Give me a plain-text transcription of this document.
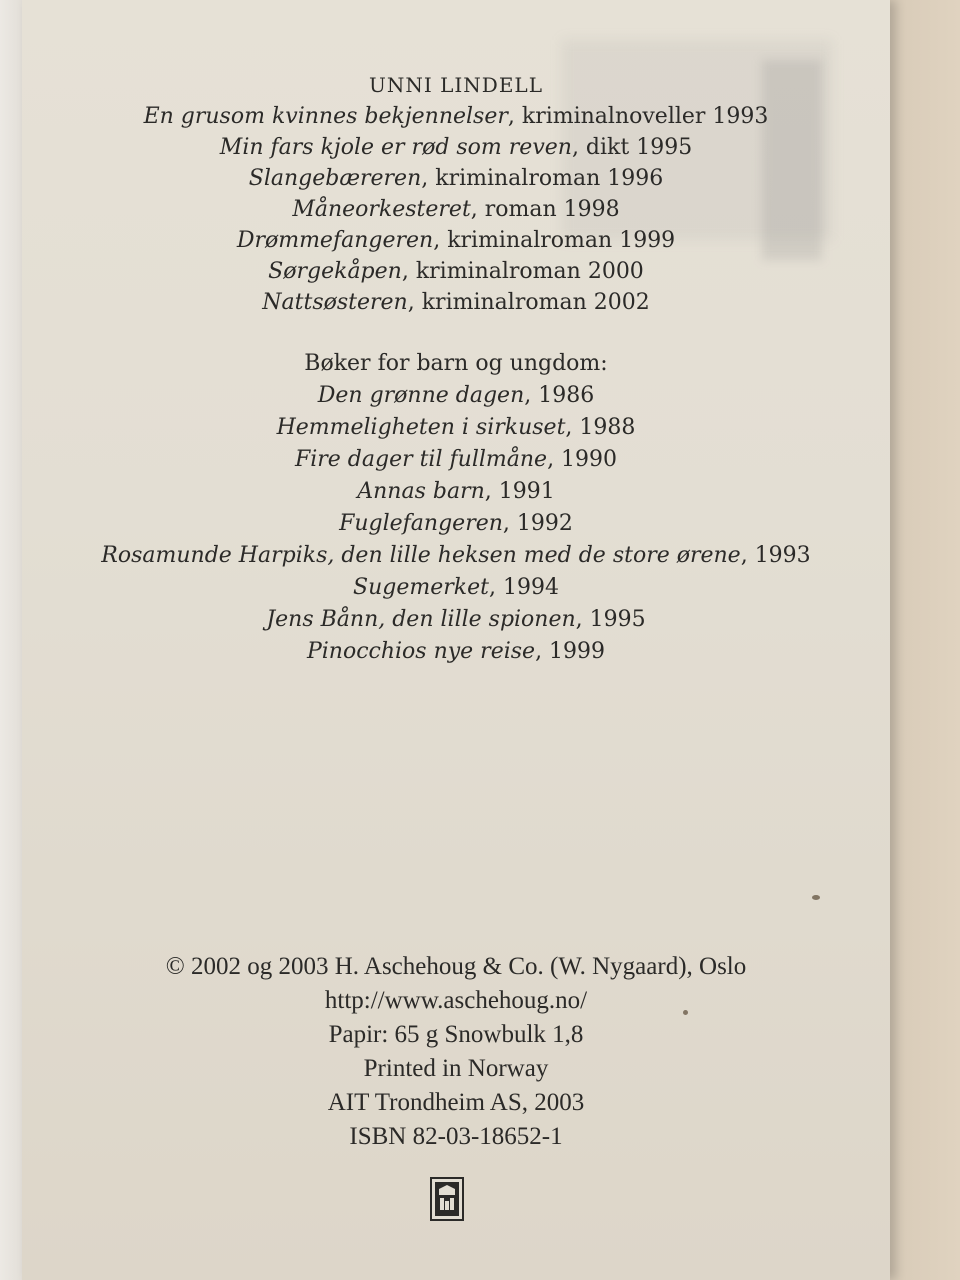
UNNI LINDELL
En grusom kvinnes bekjennelser, kriminalnoveller 1993
Min fars kjole er rød som reven, dikt 1995
Slangebæreren, kriminalroman 1996
Måneorkesteret, roman 1998
Drømmefangeren, kriminalroman 1999
Sørgekåpen, kriminalroman 2000
Nattsøsteren, kriminalroman 2002
Bøker for barn og ungdom:
Den grønne dagen, 1986
Hemmeligheten i sirkuset, 1988
Fire dager til fullmåne, 1990
Annas barn, 1991
Fuglefangeren, 1992
Rosamunde Harpiks, den lille heksen med de store ørene, 1993
Sugemerket, 1994
Jens Bånn, den lille spionen, 1995
Pinocchios nye reise, 1999
© 2002 og 2003 H. Aschehoug & Co. (W. Nygaard), Oslo
http://www.aschehoug.no/
Papir: 65 g Snowbulk 1,8
Printed in Norway
AIT Trondheim AS, 2003
ISBN 82-03-18652-1
